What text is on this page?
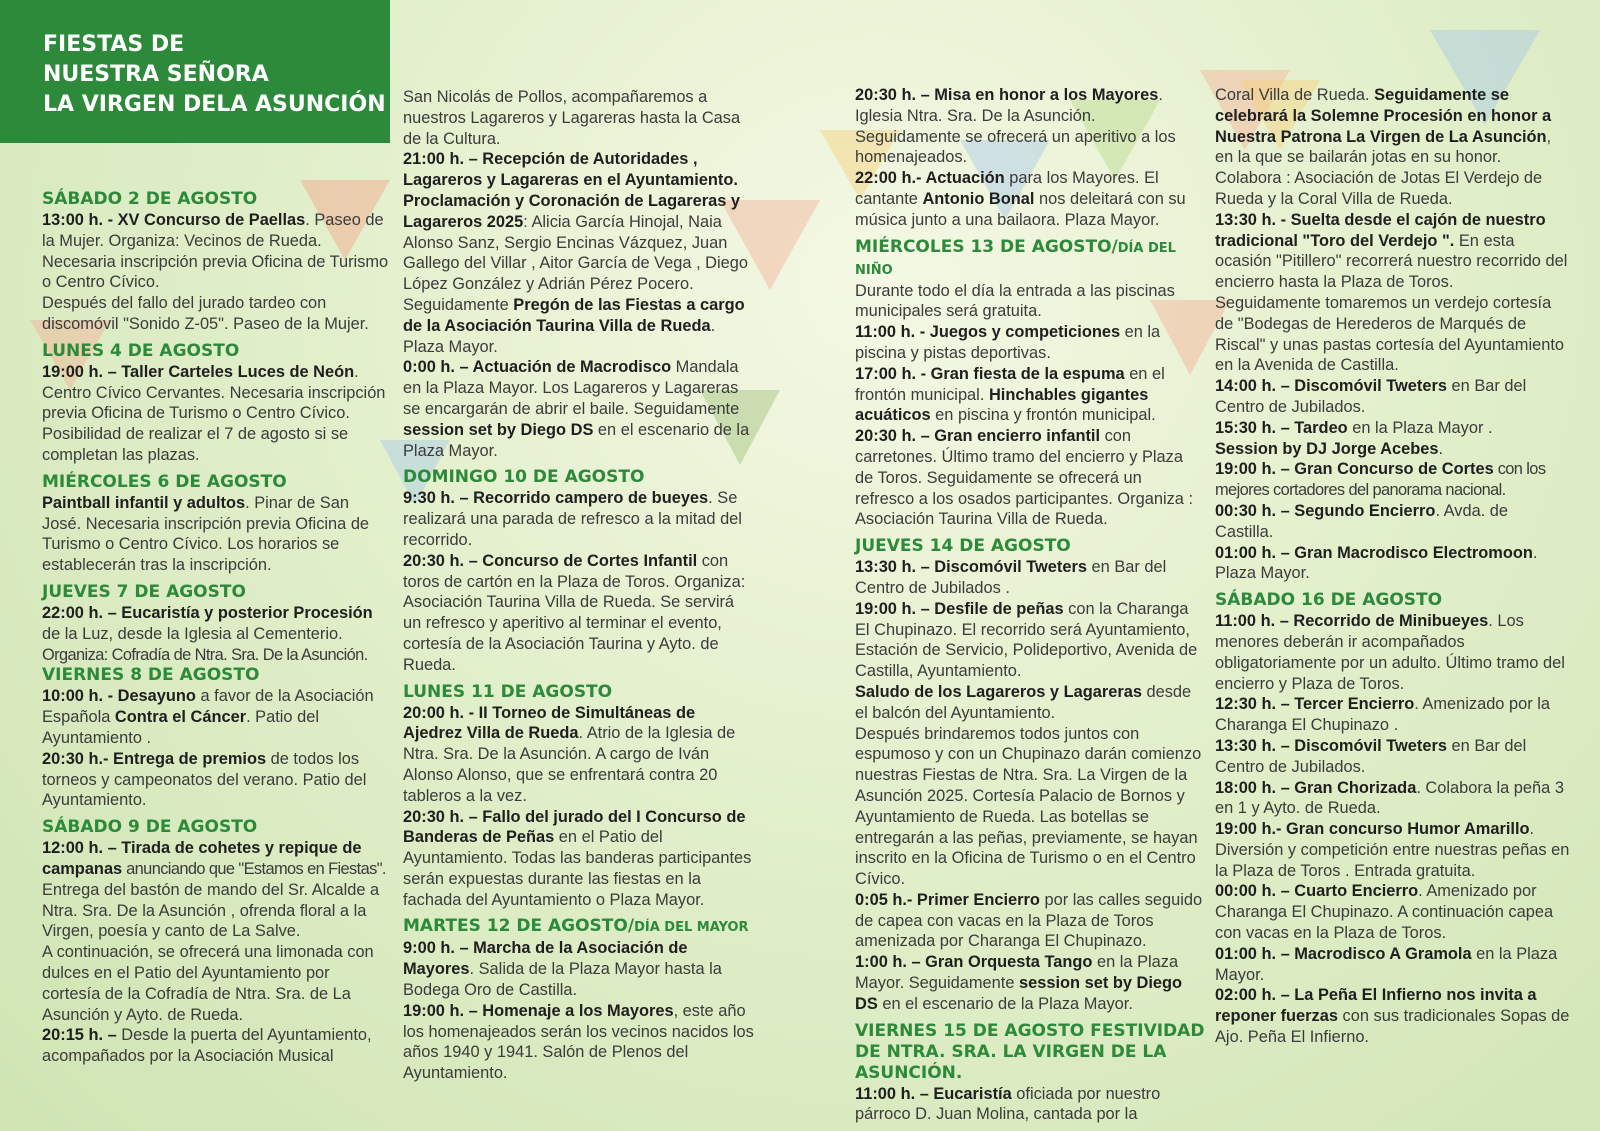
FIESTAS DE
NUESTRA SEÑORA
LA VIRGEN DELA ASUNCIÓN

SÁBADO 2 DE AGOSTO

13:00 h. - XV Concurso de Paellas. Paseo de la Mujer. Organiza: Vecinos de Rueda. Necesaria inscripción previa Oficina de Turismo o Centro Cívico.

Después del fallo del jurado tardeo con discomóvil "Sonido Z-05". Paseo de la Mujer.

LUNES 4 DE AGOSTO

19:00 h. – Taller Carteles Luces de Neón. Centro Cívico Cervantes. Necesaria inscripción previa Oficina de Turismo o Centro Cívico. Posibilidad de realizar el 7 de agosto si se completan las plazas.

MIÉRCOLES 6 DE AGOSTO

Paintball infantil y adultos. Pinar de San José. Necesaria inscripción previa Oficina de Turismo o Centro Cívico. Los horarios se establecerán tras la inscripción.

JUEVES 7 DE AGOSTO

22:00 h. – Eucaristía y posterior Procesión de la Luz, desde la Iglesia al Cementerio.

Organiza: Cofradía de Ntra. Sra. De la Asunción.

VIERNES 8 DE AGOSTO

10:00 h. - Desayuno a favor de la Asociación Española Contra el Cáncer. Patio del Ayuntamiento .

20:30 h.- Entrega de premios de todos los torneos y campeonatos del verano. Patio del Ayuntamiento.

SÁBADO 9 DE AGOSTO

12:00 h. – Tirada de cohetes y repique de campanas anunciando que "Estamos en Fiestas".

Entrega del bastón de mando del Sr. Alcalde a Ntra. Sra. De la Asunción , ofrenda floral a la Virgen, poesía y canto de La Salve.

A continuación, se ofrecerá una limonada con dulces en el Patio del Ayuntamiento por cortesía de la Cofradía de Ntra. Sra. de La Asunción y Ayto. de Rueda.

20:15 h. – Desde la puerta del Ayuntamiento, acompañados por la Asociación Musical

San Nicolás de Pollos, acompañaremos a nuestros Lagareros y Lagareras hasta la Casa de la Cultura.

21:00 h. – Recepción de Autoridades , Lagareros y Lagareras en el Ayuntamiento. Proclamación y Coronación de Lagareras y Lagareros 2025: Alicia García Hinojal, Naia Alonso Sanz, Sergio Encinas Vázquez, Juan Gallego del Villar , Aitor García de Vega , Diego López González y Adrián Pérez Pocero.

Seguidamente Pregón de las Fiestas a cargo de la Asociación Taurina Villa de Rueda. Plaza Mayor.

0:00 h. – Actuación de Macrodisco Mandala en la Plaza Mayor. Los Lagareros y Lagareras se encargarán de abrir el baile. Seguidamente session set by Diego DS en el escenario de la Plaza Mayor.

DOMINGO 10 DE AGOSTO

9:30 h. – Recorrido campero de bueyes. Se realizará una parada de refresco a la mitad del recorrido.

20:30 h. – Concurso de Cortes Infantil con toros de cartón en la Plaza de Toros. Organiza: Asociación Taurina Villa de Rueda. Se servirá un refresco y aperitivo al terminar el evento, cortesía de la Asociación Taurina y Ayto. de Rueda.

LUNES 11 DE AGOSTO

20:00 h. - II Torneo de Simultáneas de Ajedrez Villa de Rueda. Atrio de la Iglesia de Ntra. Sra. De la Asunción. A cargo de Iván Alonso Alonso, que se enfrentará contra 20 tableros a la vez.

20:30 h. – Fallo del jurado del I Concurso de Banderas de Peñas en el Patio del Ayuntamiento. Todas las banderas participantes serán expuestas durante las fiestas en la fachada del Ayuntamiento o Plaza Mayor.

MARTES 12 DE AGOSTO/DÍA DEL MAYOR

9:00 h. – Marcha de la Asociación de Mayores. Salida de la Plaza Mayor hasta la Bodega Oro de Castilla.

19:00 h. – Homenaje a los Mayores, este año los homenajeados serán los vecinos nacidos los años 1940 y 1941. Salón de Plenos del Ayuntamiento.

20:30 h. – Misa en honor a los Mayores. Iglesia Ntra. Sra. De la Asunción. Seguidamente se ofrecerá un aperitivo a los homenajeados.

22:00 h.- Actuación para los Mayores. El cantante Antonio Bonal nos deleitará con su música junto a una bailaora. Plaza Mayor.

MIÉRCOLES 13 DE AGOSTO/DÍA DEL NIÑO

Durante todo el día la entrada a las piscinas municipales será gratuita.

11:00 h. - Juegos y competiciones en la piscina y pistas deportivas.

17:00 h. - Gran fiesta de la espuma en el frontón municipal. Hinchables gigantes acuáticos en piscina y frontón municipal.

20:30 h. – Gran encierro infantil con carretones. Último tramo del encierro y Plaza de Toros. Seguidamente se ofrecerá un refresco a los osados participantes. Organiza : Asociación Taurina Villa de Rueda.

JUEVES 14 DE AGOSTO

13:30 h. – Discomóvil Tweters en Bar del Centro de Jubilados .

19:00 h. – Desfile de peñas con la Charanga El Chupinazo. El recorrido será Ayuntamiento, Estación de Servicio, Polideportivo, Avenida de Castilla, Ayuntamiento.

Saludo de los Lagareros y Lagareras desde el balcón del Ayuntamiento.

Después brindaremos todos juntos con espumoso y con un Chupinazo darán comienzo nuestras Fiestas de Ntra. Sra. La Virgen de la Asunción 2025. Cortesía Palacio de Bornos y Ayuntamiento de Rueda. Las botellas se entregarán a las peñas, previamente, se hayan inscrito en la Oficina de Turismo o en el Centro Cívico.

0:05 h.- Primer Encierro por las calles seguido de capea con vacas en la Plaza de Toros amenizada por Charanga El Chupinazo.

1:00 h. – Gran Orquesta Tango en la Plaza Mayor. Seguidamente session set by Diego DS en el escenario de la Plaza Mayor.

VIERNES 15 DE AGOSTO FESTIVIDAD DE NTRA. SRA. LA VIRGEN DE LA ASUNCIÓN.

11:00 h. – Eucaristía oficiada por nuestro párroco D. Juan Molina, cantada por la

Coral Villa de Rueda. Seguidamente se celebrará la Solemne Procesión en honor a Nuestra Patrona La Virgen de La Asunción, en la que se bailarán jotas en su honor. Colabora : Asociación de Jotas El Verdejo de Rueda y la Coral Villa de Rueda.

13:30 h. - Suelta desde el cajón de nuestro tradicional "Toro del Verdejo ". En esta ocasión "Pitillero" recorrerá nuestro recorrido del encierro hasta la Plaza de Toros.

Seguidamente tomaremos un verdejo cortesía de "Bodegas de Herederos de Marqués de Riscal" y unas pastas cortesía del Ayuntamiento en la Avenida de Castilla.

14:00 h. – Discomóvil Tweters en Bar del Centro de Jubilados.

15:30 h. – Tardeo en la Plaza Mayor .

Session by DJ Jorge Acebes.

19:00 h. – Gran Concurso de Cortes con los mejores cortadores del panorama nacional.

00:30 h. – Segundo Encierro. Avda. de Castilla.

01:00 h. – Gran Macrodisco Electromoon. Plaza Mayor.

SÁBADO 16 DE AGOSTO

11:00 h. – Recorrido de Minibueyes. Los menores deberán ir acompañados obligatoriamente por un adulto. Último tramo del encierro y Plaza de Toros.

12:30 h. – Tercer Encierro. Amenizado por la Charanga El Chupinazo .

13:30 h. – Discomóvil Tweters en Bar del Centro de Jubilados.

18:00 h. – Gran Chorizada. Colabora la peña 3 en 1 y Ayto. de Rueda.

19:00 h.- Gran concurso Humor Amarillo. Diversión y competición entre nuestras peñas en la Plaza de Toros . Entrada gratuita.

00:00 h. – Cuarto Encierro. Amenizado por Charanga El Chupinazo. A continuación capea con vacas en la Plaza de Toros.

01:00 h. – Macrodisco A Gramola en la Plaza Mayor.

02:00 h. – La Peña El Infierno nos invita a reponer fuerzas con sus tradicionales Sopas de Ajo. Peña El Infierno.
